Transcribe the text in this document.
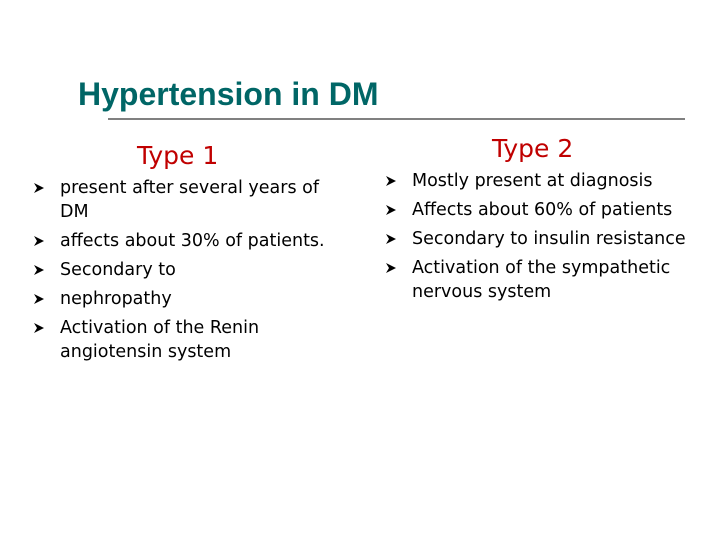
Hypertension in DM
Type 1	Type 2
present after several years of DM
affects about 30% of patients.
Secondary to
nephropathy
Activation of the Renin angiotensin system
Mostly present at diagnosis
Affects about 60% of patients
Secondary to insulin resistance
Activation of the sympathetic nervous system
